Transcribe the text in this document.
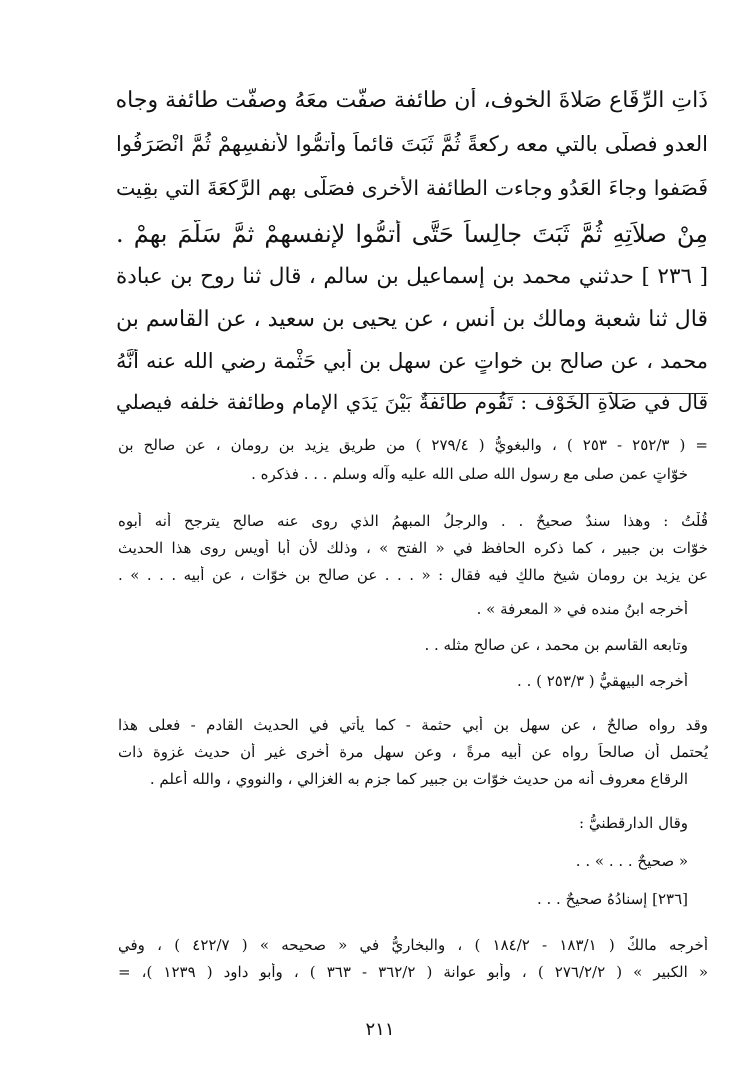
ذَاتِ الرِّقَاعِ صَلاةَ الخوف، أن طائفة صفَّت معَهُ وصفَّت طائفة وجاه
العدو فصلَّى بالتي معه ركعةً ثُمَّ ثَبَتَ قائماً وأتمُّوا لأنفسِهِمْ ثُمَّ انْصَرَفُوا
فَصَفوا وجاءَ العَدُو وجاءت الطائفة الأخرى فصَلَّى بهِم الرَّكعَةَ التي بقِيت
مِنْ صلاَتِهِ ثُمَّ ثَبَتَ جالِساً حَتَّى أتمُّوا لإنفسهِمْ ثمَّ سَلَّمَ بهِمْ .
[ ٢٣٦ ] حدثني محمد بن إسماعيل بن سالم ، قال ثنا روح بن عبادة
قال ثنا شعبة ومالك بن أنسٍ ، عن يحيى بن سعيد ، عن القاسم بن
محمد ، عن صالح بن خواتٍ عن سهل بن أبي حَثْمة رضي الله عنه أنَّهُ
قال في صَلاَةِ الخَوْف : تَقُوم طائفةٌ بَيْنَ يَدَي الإمام وطائفة خلفه فيصلي
= ( ٢٥٢/٣ - ٢٥٣ ) ، والبغويُّ ( ٢٧٩/٤ ) من طريق يزيد بن رومان ، عن صالح بن
خوّاتٍ عمن صلى مع رسول الله صلى الله عليه وآله وسلم . . . فذكره .
قُلْتُ : وهذا سندٌ صحيحٌ . . والرجلُ المبهمُ الذي روى عنه صالح يترجح أنه أبوه
خوّات بن جبير ، كما ذكره الحافظ في « الفتح » ، وذلك لأن أبا أويس روى هذا الحديث
عن يزيد بن رومان شيخ مالكٍ فيه فقال : « . . . عن صالح بن خوّات ، عن أبيه . . . » .
أخرجه ابنُ منده في « المعرفة » .
وتابعه القاسم بن محمد ، عن صالحٍ مثله . .
أخرجه البيهقيُّ ( ٢٥٣/٣ ) . .
وقد رواه صالحٌ ، عن سهل بن أبي حثمة - كما يأتي في الحديث القادم - فعلى هذا
يُحتمل أن صالحاً رواه عن أبيه مرةً ، وعن سهلٍ مرة أخرى غير أن حديث غزوة ذات
الرقاع معروف أنه من حديث خوّات بن جبير كما جزم به الغزالي ، والنووي ، والله أعلم .
وقال الدارقطنيُّ :
« صحيحٌ . . . » . .
[٢٣٦] إسنادُهُ صحيحٌ . . .
أخرجه مالكٌ ( ١٨٣/١ - ١٨٤/٢ ) ، والبخاريُّ في « صحيحه » ( ٤٢٢/٧ ) ، وفي
« الكبير » ( ٢٧٦/٢/٢ ) ، وأبو عوانة ( ٣٦٢/٢ - ٣٦٣ ) ، وأبو داود ( ١٢٣٩ )، =
٢١١
